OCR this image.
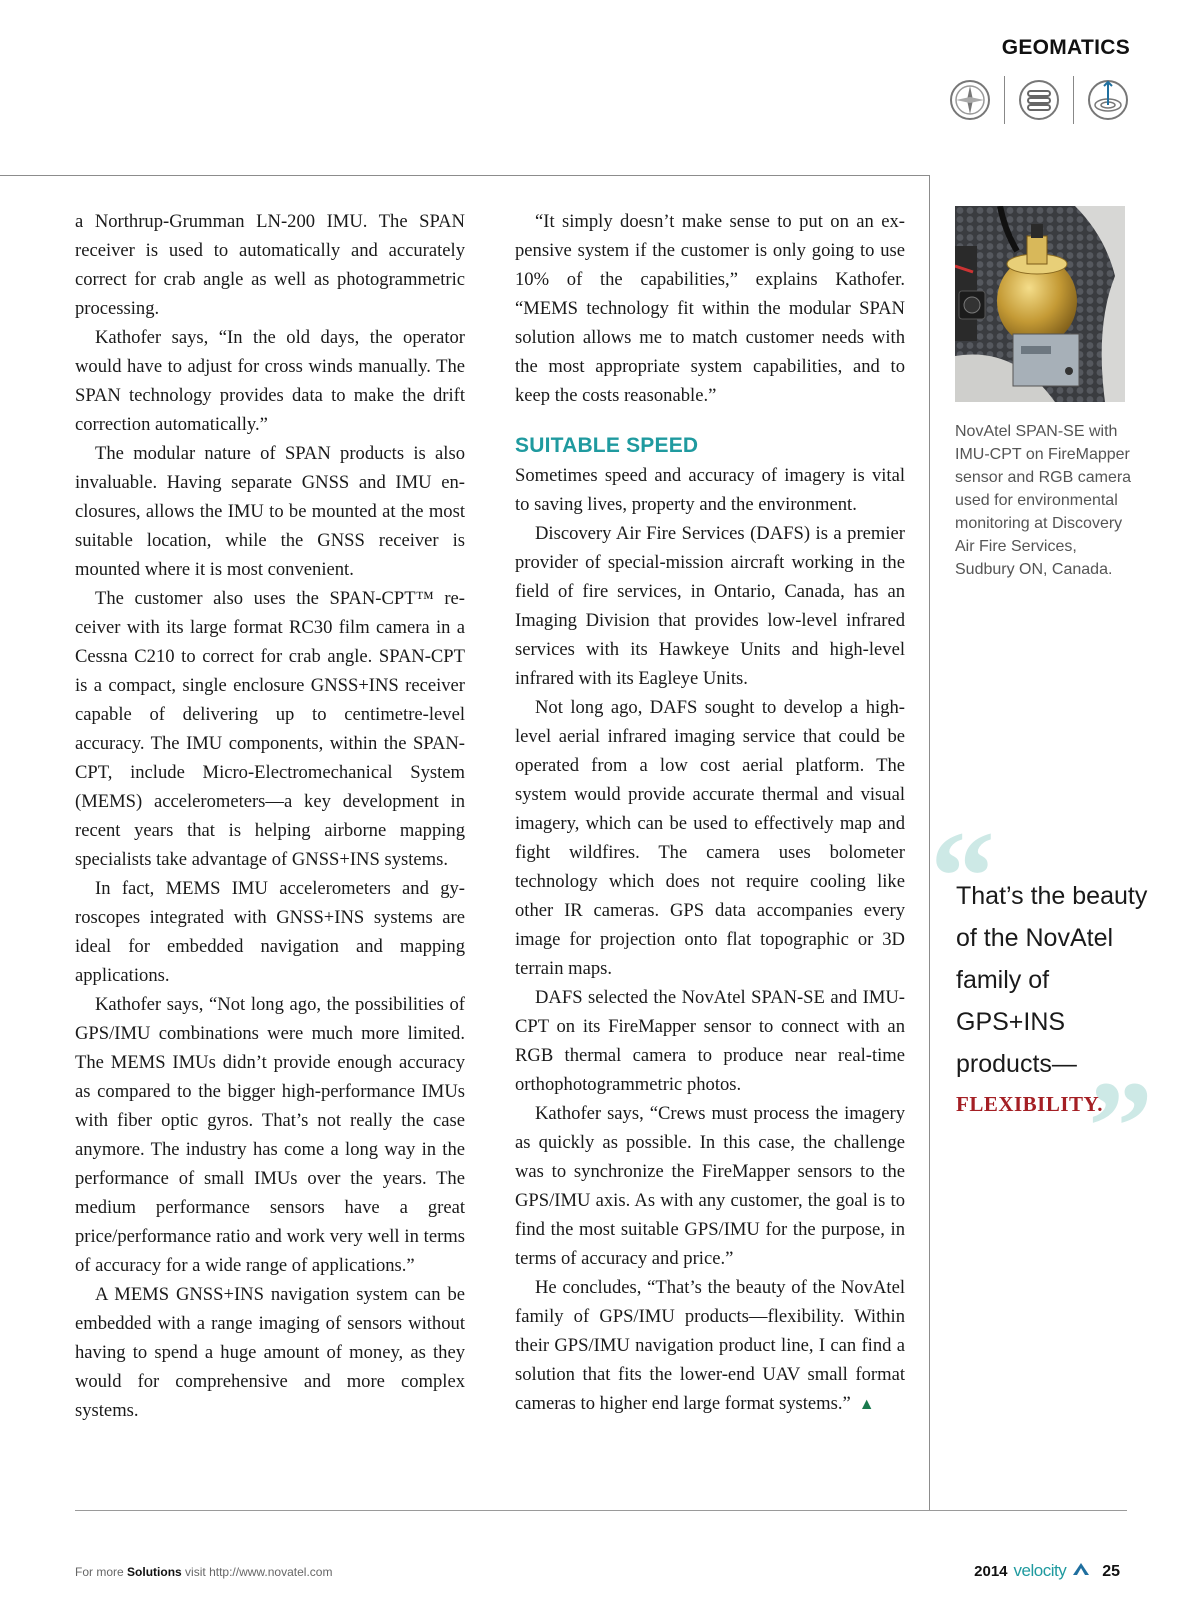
GEOMATICS

a Northrup-Grumman LN-200 IMU. The SPAN receiver is used to automatically and accurately correct for crab angle as well as photogrammetric processing.

Kathofer says, “In the old days, the operator would have to adjust for cross winds manually. The SPAN technology provides data to make the drift correction automatically.”

The modular nature of SPAN products is also invaluable. Having separate GNSS and IMU enclosures, allows the IMU to be mounted at the most suitable location, while the GNSS receiver is mounted where it is most convenient.

The customer also uses the SPAN-CPT™ receiver with its large format RC30 film camera in a Cessna C210 to correct for crab angle. SPAN-CPT is a compact, single enclosure GNSS+INS receiver capable of delivering up to centimetre-level accuracy. The IMU components, within the SPAN-CPT, include Micro-Electromechanical System (MEMS) accelerometers—a key development in recent years that is helping airborne mapping specialists take advantage of GNSS+INS systems.

In fact, MEMS IMU accelerometers and gyroscopes integrated with GNSS+INS systems are ideal for embedded navigation and mapping applications.

Kathofer says, “Not long ago, the possibilities of GPS/IMU combinations were much more limited. The MEMS IMUs didn’t provide enough accuracy as compared to the bigger high-performance IMUs with fiber optic gyros. That’s not really the case anymore. The industry has come a long way in the performance of small IMUs over the years. The medium performance sensors have a great price/performance ratio and work very well in terms of accuracy for a wide range of applications.”

A MEMS GNSS+INS navigation system can be embedded with a range imaging of sensors without having to spend a huge amount of money, as they would for comprehensive and more complex systems.

“It simply doesn’t make sense to put on an expensive system if the customer is only going to use 10% of the capabilities,” explains Kathofer. “MEMS technology fit within the modular SPAN solution allows me to match customer needs with the most appropriate system capabilities, and to keep the costs reasonable.”

SUITABLE SPEED

Sometimes speed and accuracy of imagery is vital to saving lives, property and the environment.

Discovery Air Fire Services (DAFS) is a premier provider of special-mission aircraft working in the field of fire services, in Ontario, Canada, has an Imaging Division that provides low-level infrared services with its Hawkeye Units and high-level infrared with its Eagleye Units.

Not long ago, DAFS sought to develop a high-level aerial infrared imaging service that could be operated from a low cost aerial platform. The system would provide accurate thermal and visual imagery, which can be used to effectively map and fight wildfires. The camera uses bolometer technology which does not require cooling like other IR cameras. GPS data accompanies every image for projection onto flat topographic or 3D terrain maps.

DAFS selected the NovAtel SPAN-SE and IMU-CPT on its FireMapper sensor to connect with an RGB thermal camera to produce near real-time orthophotogrammetric photos.

Kathofer says, “Crews must process the imagery as quickly as possible. In this case, the challenge was to synchronize the FireMapper sensors to the GPS/IMU axis. As with any customer, the goal is to find the most suitable GPS/IMU for the purpose, in terms of accuracy and price.”

He concludes, “That’s the beauty of the NovAtel family of GPS/IMU products—flexibility. Within their GPS/IMU navigation product line, I can find a solution that fits the lower-end UAV small format cameras to higher end large format systems.” ▲

NovAtel SPAN-SE with IMU-CPT on FireMapper sensor and RGB camera used for environmental monitoring at Discovery Air Fire Services, Sudbury ON, Canada.
“
That’s the beauty of the NovAtel family of GPS+INS products—
FLEXIBILITY.
”
For more Solutions visit http://www.novatel.com	2014 velocity 25
